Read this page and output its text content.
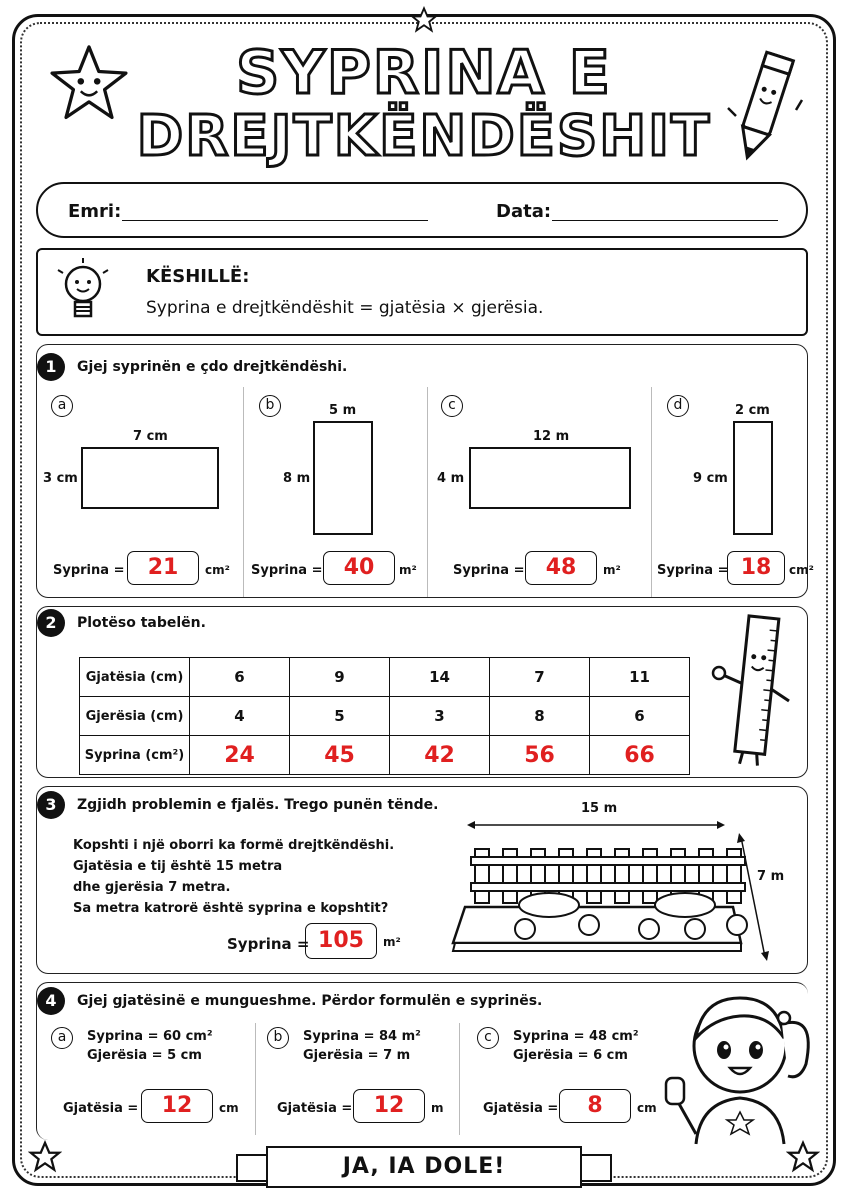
SYPRINA E
DREJTKËNDËSHIT
Emri:	Data:
KËSHILLË:
Syprina e drejtkëndëshit = gjatësia × gjerësia.
1	Gjej syprinën e çdo drejtkëndëshi.
a
7 cm
3 cm
Syprina =	21	cm²
b	5 m
8 m
Syprina = 40	m²
c
12 m
4 m
Syprina = 48	m²
d	2 cm
9 cm
Syprina = 18	cm²
2	Plotëso tabelën.
Gjatësia (cm)	6	9	14	7	11
Gjerësia (cm)	4	5	3	8	6
Syprina (cm²)	24	45	42	56	66
3	Zgjidh problemin e fjalës. Trego punën tënde.
Kopshti i një oborri ka formë drejtkëndëshi.
Gjatësia e tij është 15 metra
dhe gjerësia 7 metra.
Sa metra katrorë është syprina e kopshtit?
Syprina = 105	m²
15 m
7 m
4	Gjej gjatësinë e mungueshme. Përdor formulën e syprinës.
a	Syprina = 60 cm²
Gjerësia = 5 cm
Gjatësia =	12	cm
b	Syprina = 84 m²
Gjerësia = 7 m
Gjatësia = 12	m
c	Syprina = 48 cm²
Gjerësia = 6 cm
Gjatësia =	8	cm
JA, IA DOLE!
